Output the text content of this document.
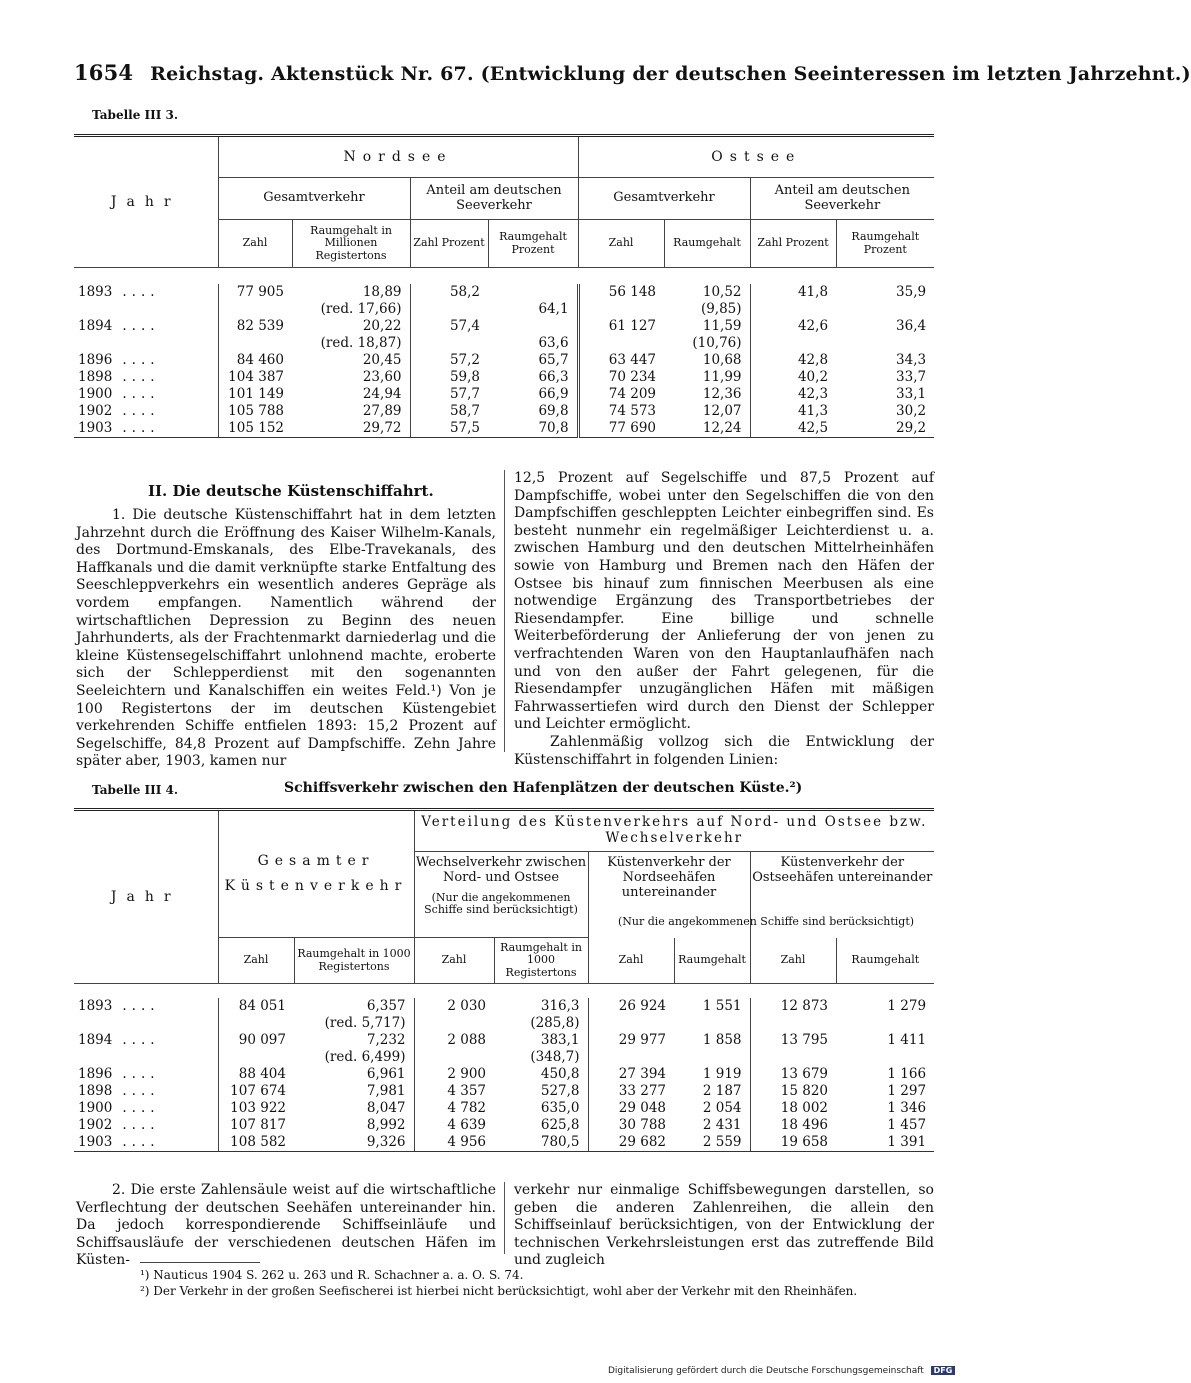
1654 Reichstag. Aktenstück Nr. 67. (Entwicklung der deutschen Seeinteressen im letzten Jahrzehnt.)
Tabelle III 3.
Jahr	Nordsee				Ostsee			
	Gesamtverkehr		Anteil am deutschen Seeverkehr		Gesamtverkehr		Anteil am deutschen Seeverkehr	
	Zahl	Raumgehalt in Millionen Registertons	Zahl Prozent	Raumgehalt Prozent	Zahl	Raumgehalt	Zahl Prozent	Raumgehalt Prozent

1893 ....	77 905	18,89	58,2		56 148	10,52	41,8	35,9
		(red. 17,66)		64,1		(9,85)		
1894 ....	82 539	20,22	57,4		61 127	11,59	42,6	36,4
		(red. 18,87)		63,6		(10,76)		
1896 ....	84 460	20,45	57,2	65,7	63 447	10,68	42,8	34,3
1898 ....	104 387	23,60	59,8	66,3	70 234	11,99	40,2	33,7
1900 ....	101 149	24,94	57,7	66,9	74 209	12,36	42,3	33,1
1902 ....	105 788	27,89	58,7	69,8	74 573	12,07	41,3	30,2
1903 ....	105 152	29,72	57,5	70,8	77 690	12,24	42,5	29,2
II. Die deutsche Küstenschiffahrt.

1. Die deutsche Küstenschiffahrt hat in dem letzten Jahrzehnt durch die Eröffnung des Kaiser Wilhelm-Kanals, des Dortmund-Emskanals, des Elbe-Travekanals, des Haffkanals und die damit verknüpfte starke Entfaltung des Seeschleppverkehrs ein wesentlich anderes Gepräge als vordem empfangen. Namentlich während der wirtschaftlichen Depression zu Beginn des neuen Jahrhunderts, als der Frachtenmarkt darniederlag und die kleine Küstensegelschiffahrt unlohnend machte, eroberte sich der Schlepperdienst mit den sogenannten Seeleichtern und Kanalschiffen ein weites Feld.¹) Von je 100 Registertons der im deutschen Küstengebiet verkehrenden Schiffe entfielen 1893: 15,2 Prozent auf Segelschiffe, 84,8 Prozent auf Dampfschiffe. Zehn Jahre später aber, 1903, kamen nur

12,5 Prozent auf Segelschiffe und 87,5 Prozent auf Dampfschiffe, wobei unter den Segelschiffen die von den Dampfschiffen geschleppten Leichter einbegriffen sind. Es besteht nunmehr ein regelmäßiger Leichterdienst u. a. zwischen Hamburg und den deutschen Mittelrheinhäfen sowie von Hamburg und Bremen nach den Häfen der Ostsee bis hinauf zum finnischen Meerbusen als eine notwendige Ergänzung des Transportbetriebes der Riesendampfer. Eine billige und schnelle Weiterbeförderung der Anlieferung der von jenen zu verfrachtenden Waren von den Hauptanlaufhäfen nach und von den außer der Fahrt gelegenen, für die Riesendampfer unzugänglichen Häfen mit mäßigen Fahrwassertiefen wird durch den Dienst der Schlepper und Leichter ermöglicht.

Zahlenmäßig vollzog sich die Entwicklung der Küstenschiffahrt in folgenden Linien:

Tabelle III 4.	Schiffsverkehr zwischen den Hafenplätzen der deutschen Küste.²)
Jahr	Gesamter Küstenverkehr		Verteilung des Küstenverkehrs auf Nord- und Ostsee bzw. Wechselverkehr					

			Wechselverkehr zwischen Nord- und Ostsee
(Nur die angekommenen Schiffe sind berücksichtigt)		Küstenverkehr der Nordseehäfen untereinander		Küstenverkehr der Ostseehäfen untereinander	
	Zahl	Raumgehalt in 1000 Registertons	Zahl	Raumgehalt in 1000 Registertons	Zahl	Raumgehalt	Zahl	Raumgehalt

1893 ....	84 051	6,357	2 030	316,3	26 924	1 551	12 873	1 279
		(red. 5,717)		(285,8)				
1894 ....	90 097	7,232	2 088	383,1	29 977	1 858	13 795	1 411
		(red. 6,499)		(348,7)				
1896 ....	88 404	6,961	2 900	450,8	27 394	1 919	13 679	1 166
1898 ....	107 674	7,981	4 357	527,8	33 277	2 187	15 820	1 297
1900 ....	103 922	8,047	4 782	635,0	29 048	2 054	18 002	1 346
1902 ....	107 817	8,992	4 639	625,8	30 788	2 431	18 496	1 457
1903 ....	108 582	9,326	4 956	780,5	29 682	2 559	19 658	1 391
(Nur die angekommenen Schiffe sind berücksichtigt)

2. Die erste Zahlensäule weist auf die wirtschaftliche Verflechtung der deutschen Seehäfen untereinander hin. Da jedoch korrespondierende Schiffseinläufe und Schiffsausläufe der verschiedenen deutschen Häfen im Küsten-

verkehr nur einmalige Schiffsbewegungen darstellen, so geben die anderen Zahlenreihen, die allein den Schiffseinlauf berücksichtigen, von der Entwicklung der technischen Verkehrsleistungen erst das zutreffende Bild und zugleich

¹) Nauticus 1904 S. 262 u. 263 und R. Schachner a. a. O. S. 74.
²) Der Verkehr in der großen Seefischerei ist hierbei nicht berücksichtigt, wohl aber der Verkehr mit den Rheinhäfen.
Digitalisierung gefördert durch die Deutsche Forschungsgemeinschaft DFG
